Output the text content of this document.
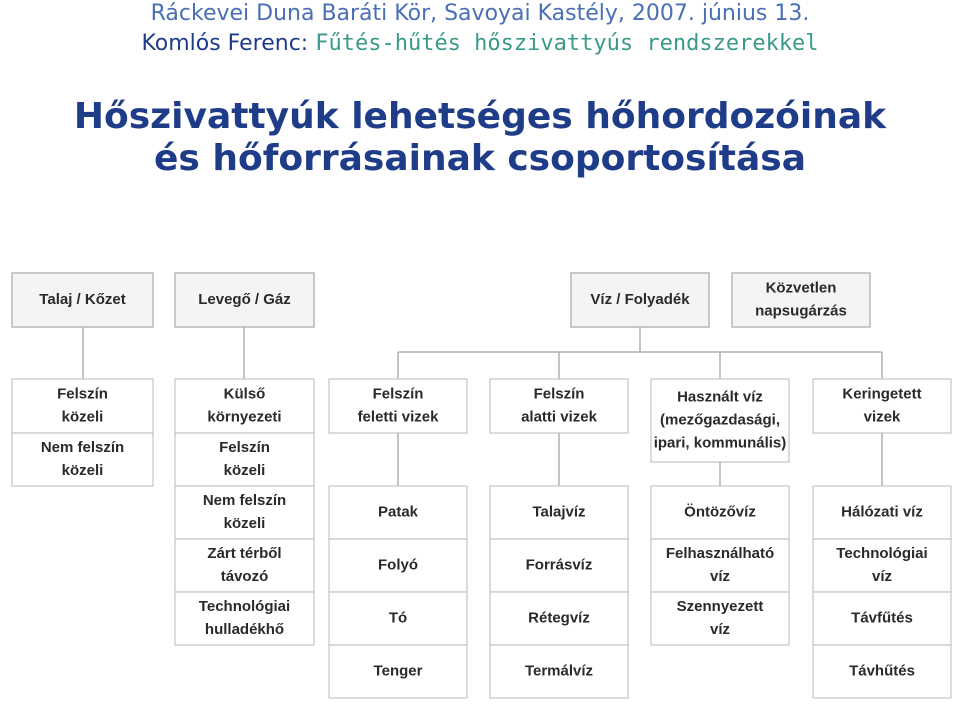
Ráckevei Duna Baráti Kör, Savoyai Kastély, 2007. június 13.
Komlós Ferenc: Fűtés-hűtés hőszivattyús rendszerekkel
Hőszivattyúk lehetséges hőhordozóinak
és hőforrásainak csoportosítása
Talaj / Kőzet	Levegő / Gáz	Víz / Folyadék
Közvetlen
napsugárzás
Felszín
közeli
Nem felszín
közeli
Külső
környezeti
Felszín
közeli
Nem felszín
közeli
Zárt térből
távozó
Technológiai
hulladékhő
Felszín
feletti vizek
Patak
Folyó
Tó
Tenger
Felszín
alatti vizek
Talajvíz
Forrásvíz
Rétegvíz
Termálvíz
Használt víz
(mezőgazdasági,
ipari, kommunális)
Öntözővíz
Felhasználható
víz
Szennyezett
víz
Keringetett
vizek
Hálózati víz
Technológiai
víz
Távfűtés
Távhűtés
